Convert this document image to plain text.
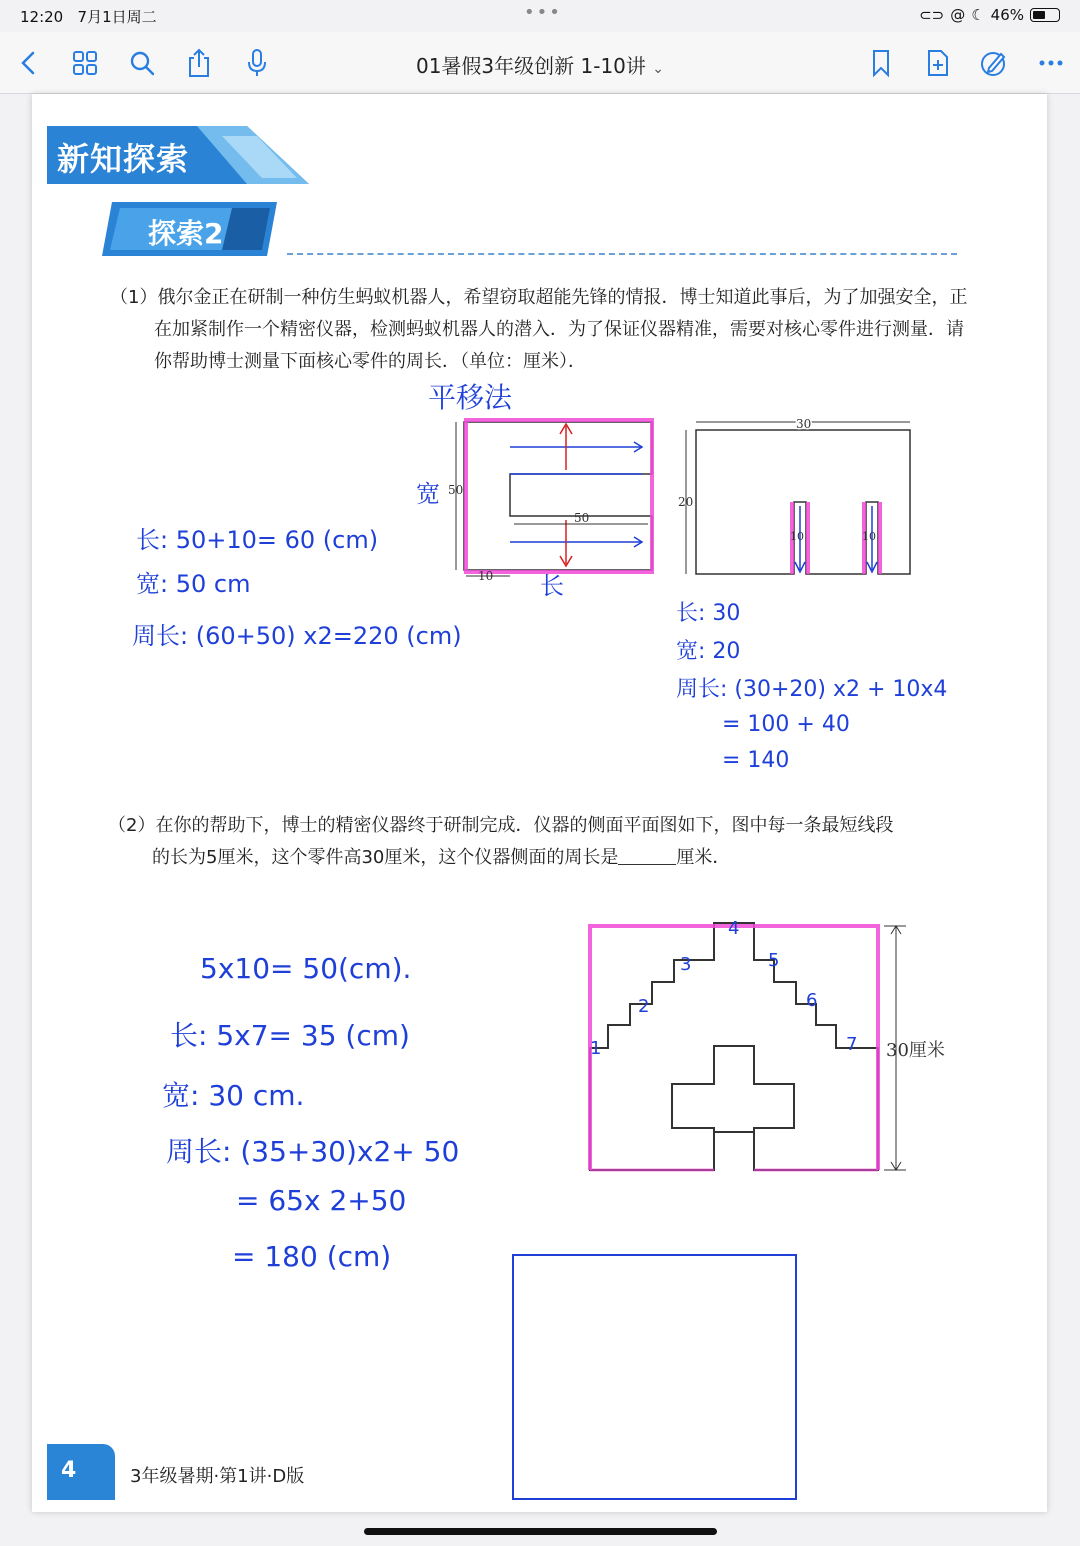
12:20 7月1日周二	•••	⊂⊃ @ ☾ 46%
01暑假3年级创新 1-10讲 ⌄
新知探索
探索2
（1）俄尔金正在研制一种仿生蚂蚁机器人，希望窃取超能先锋的情报．博士知道此事后，为了加强安全，正在加紧制作一个精密仪器，检测蚂蚁机器人的潜入．为了保证仪器精准，需要对核心零件进行测量．请你帮助博士测量下面核心零件的周长．（单位：厘米）．
50
50
10
30
20
10	10
平移法
宽
长
长: 50+10= 60 (cm)
宽: 50 cm
周长: (60+50) x2=220 (cm)
长: 30
宽: 20
周长: (30+20) x2 + 10x4
= 100 + 40
= 140
（2）在你的帮助下，博士的精密仪器终于研制完成．仪器的侧面平面图如下，图中每一条最短线段
的长为5厘米，这个零件高30厘米，这个仪器侧面的周长是	厘米．
1
2
3
4
5
6
7 30厘米
5x10= 50(cm).
长: 5x7= 35 (cm)
宽: 30 cm.
周长: (35+30)x2+ 50
= 65x 2+50
= 180 (cm)
4	3年级暑期·第1讲·D版
